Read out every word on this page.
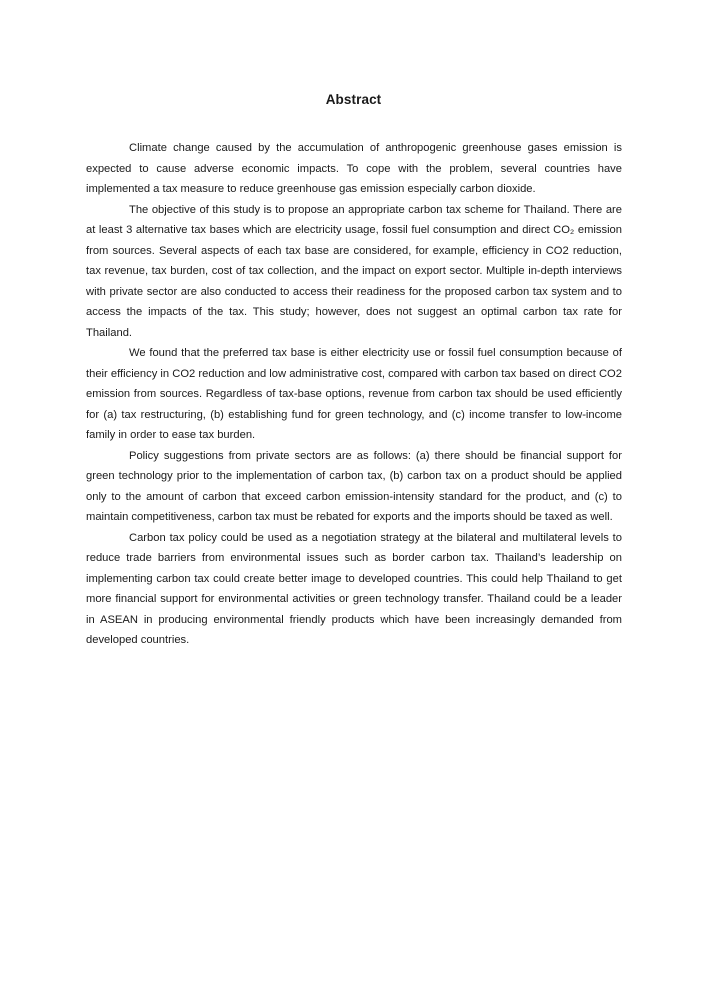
Abstract

Climate change caused by the accumulation of anthropogenic greenhouse gases emission is expected to cause adverse economic impacts. To cope with the problem, several countries have implemented a tax measure to reduce greenhouse gas emission especially carbon dioxide.

The objective of this study is to propose an appropriate carbon tax scheme for Thailand. There are at least 3 alternative tax bases which are electricity usage, fossil fuel consumption and direct CO₂ emission from sources. Several aspects of each tax base are considered, for example, efficiency in CO2 reduction, tax revenue, tax burden, cost of tax collection, and the impact on export sector. Multiple in-depth interviews with private sector are also conducted to access their readiness for the proposed carbon tax system and to access the impacts of the tax. This study; however, does not suggest an optimal carbon tax rate for Thailand.

We found that the preferred tax base is either electricity use or fossil fuel consumption because of their efficiency in CO2 reduction and low administrative cost, compared with carbon tax based on direct CO2 emission from sources. Regardless of tax-base options, revenue from carbon tax should be used efficiently for (a) tax restructuring, (b) establishing fund for green technology, and (c) income transfer to low-income family in order to ease tax burden.

Policy suggestions from private sectors are as follows: (a) there should be financial support for green technology prior to the implementation of carbon tax, (b) carbon tax on a product should be applied only to the amount of carbon that exceed carbon emission-intensity standard for the product, and (c) to maintain competitiveness, carbon tax must be rebated for exports and the imports should be taxed as well.

Carbon tax policy could be used as a negotiation strategy at the bilateral and multilateral levels to reduce trade barriers from environmental issues such as border carbon tax. Thailand’s leadership on implementing carbon tax could create better image to developed countries. This could help Thailand to get more financial support for environmental activities or green technology transfer. Thailand could be a leader in ASEAN in producing environmental friendly products which have been increasingly demanded from developed countries.
